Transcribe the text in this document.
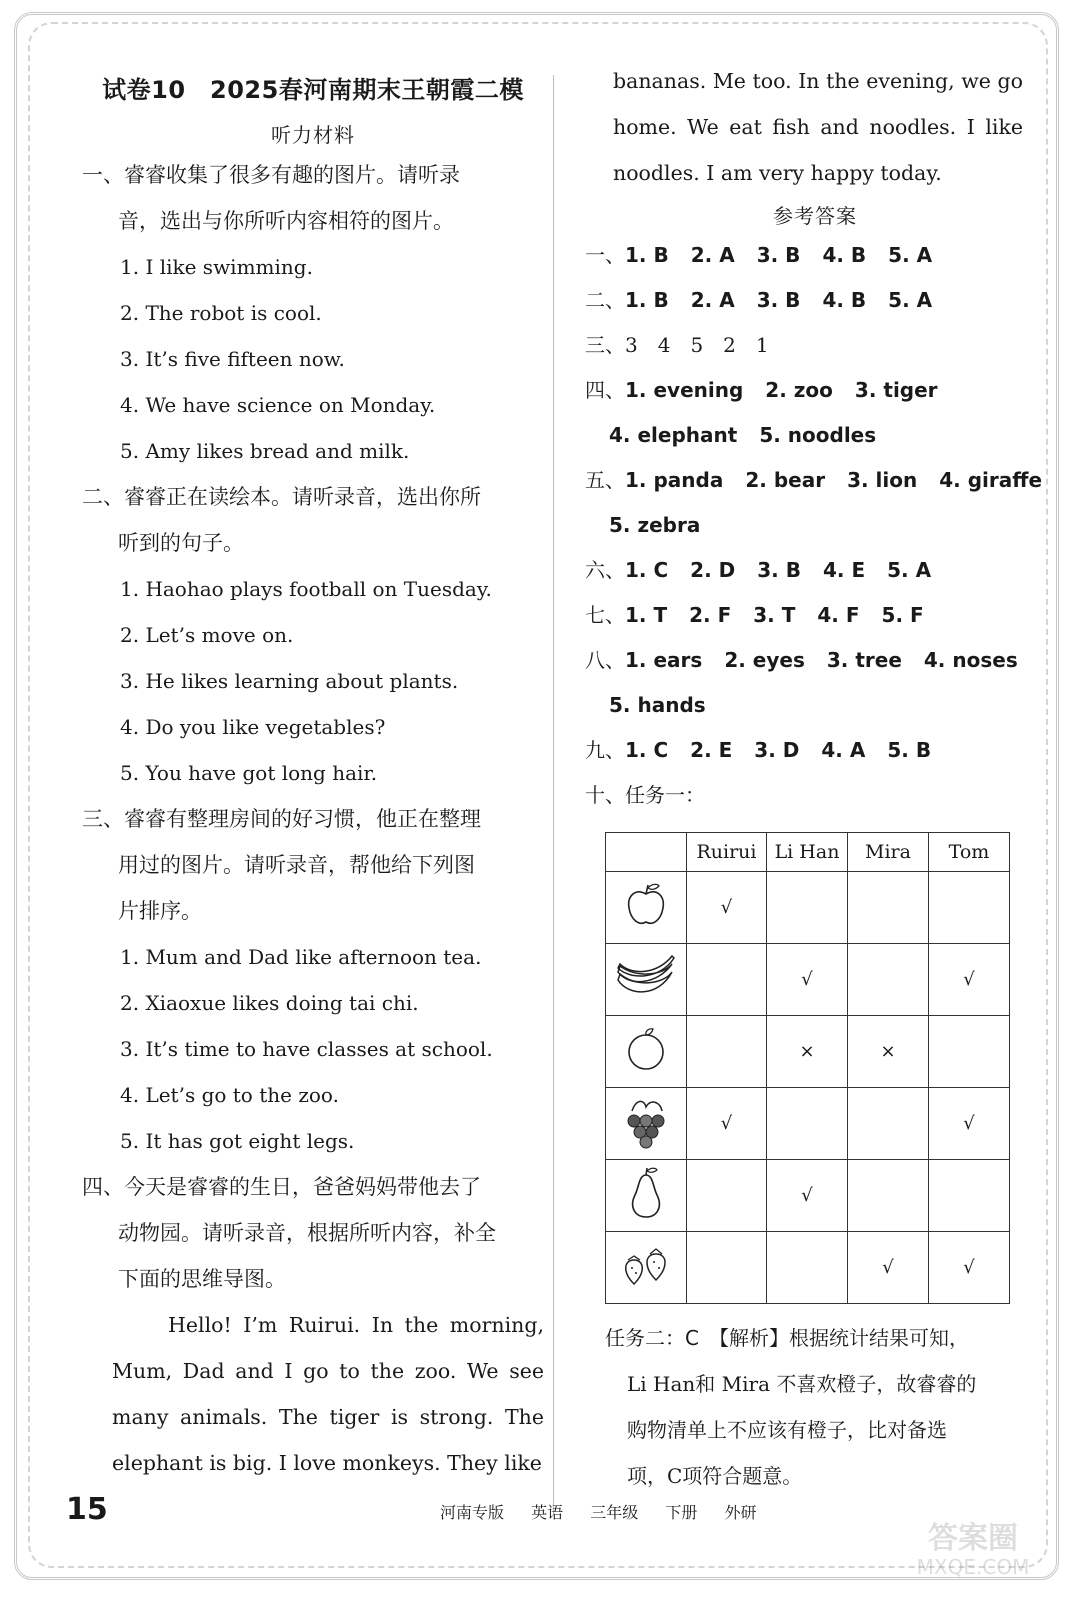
试卷10　2025春河南期末王朝霞二模
听力材料
一、睿睿收集了很多有趣的图片。请听录
音，选出与你所听内容相符的图片。
1. I like swimming.
2. The robot is cool.
3. It’s five fifteen now.
4. We have science on Monday.
5. Amy likes bread and milk.
二、睿睿正在读绘本。请听录音，选出你所
听到的句子。
1. Haohao plays football on Tuesday.
2. Let’s move on.
3. He likes learning about plants.
4. Do you like vegetables?
5. You have got long hair.
三、睿睿有整理房间的好习惯，他正在整理
用过的图片。请听录音，帮他给下列图
片排序。
1. Mum and Dad like afternoon tea.
2. Xiaoxue likes doing tai chi.
3. It’s time to have classes at school.
4. Let’s go to the zoo.
5. It has got eight legs.
四、今天是睿睿的生日，爸爸妈妈带他去了
动物园。请听录音，根据所听内容，补全
下面的思维导图。
Hello! I’m Ruirui. In the morning, Mum, Dad and I go to the zoo. We see many animals. The tiger is strong. The elephant is big. I love monkeys. They like
bananas. Me too. In the evening, we go home. We eat fish and noodles. I like noodles. I am very happy today.
参考答案
一、1. B 2. A 3. B 4. B 5. A
二、1. B 2. A 3. B 4. B 5. A
三、3　4　5　2　1
四、1. evening 2. zoo 3. tiger
4. elephant 5. noodles
五、1. panda 2. bear 3. lion 4. giraffe
5. zebra
六、1. C 2. D 3. B 4. E 5. A
七、1. T 2. F 3. T 4. F 5. F
八、1. ears 2. eyes 3. tree 4. noses
5. hands
九、1. C 2. E 3. D 4. A 5. B
十、任务一：
	Ruirui	Li Han	Mira	Tom
	√			
		√		√
		×	×	
	√			√
		√		
			√	√
任务二：C　【解析】根据统计结果可知，
Li Han和 Mira 不喜欢橙子，故睿睿的
购物清单上不应该有橙子，比对备选
项，C项符合题意。
15	河南专版 英语 三年级 下册 外研
答案圈
MXQE.COM
